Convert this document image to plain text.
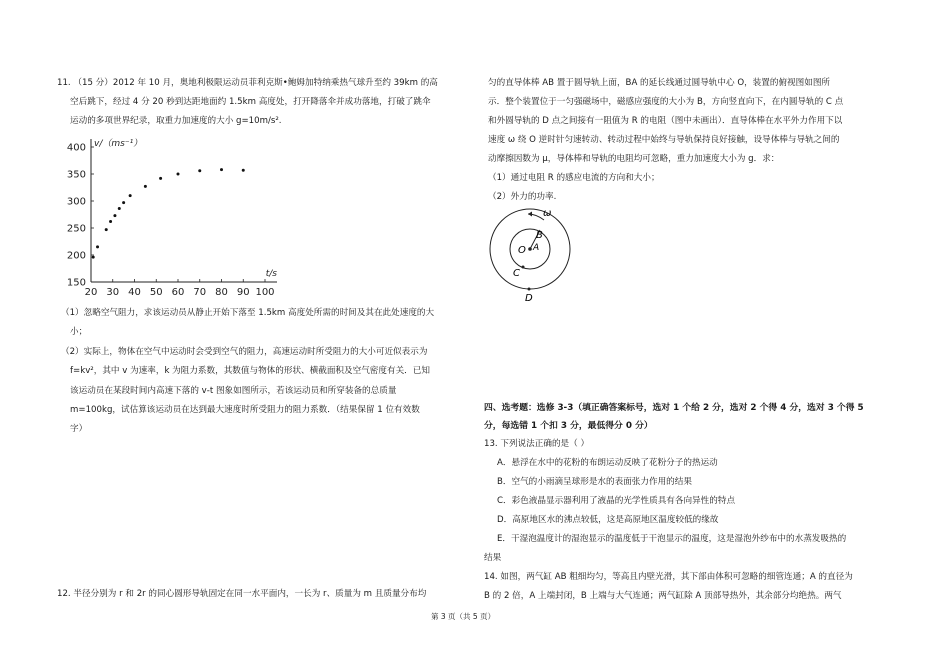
11. （15 分）2012 年 10 月，奥地利极限运动员菲利克斯•鲍姆加特纳乘热气球升至约 39km 的高
空后跳下，经过 4 分 20 秒到达距地面约 1.5km 高度处，打开降落伞并成功落地，打破了跳伞
运动的多项世界纪录，取重力加速度的大小 g=10m/s².
150
200
250
300
350
400
20 30 40 50 60 70 80 90 100
t/s
v/（ms⁻¹）
（1）忽略空气阻力，求该运动员从静止开始下落至 1.5km 高度处所需的时间及其在此处速度的大
小；
（2）实际上，物体在空气中运动时会受到空气的阻力，高速运动时所受阻力的大小可近似表示为
f=kv²，其中 v 为速率，k 为阻力系数，其数值与物体的形状、横截面积及空气密度有关．已知
该运动员在某段时间内高速下落的 v-t 图象如图所示，若该运动员和所穿装备的总质量
m=100kg，试估算该运动员在达到最大速度时所受阻力的阻力系数．（结果保留 1 位有效数
字）
12. 半径分别为 r 和 2r 的同心圆形导轨固定在同一水平面内，一长为 r、质量为 m 且质量分布均
匀的直导体棒 AB 置于圆导轨上面，BA 的延长线通过圆导轨中心 O，装置的俯视图如图所
示．整个装置位于一匀强磁场中，磁感应强度的大小为 B，方向竖直向下，在内圆导轨的 C 点
和外圆导轨的 D 点之间接有一阻值为 R 的电阻（图中未画出）．直导体棒在水平外力作用下以
速度 ω 绕 O 逆时针匀速转动、转动过程中始终与导轨保持良好接触，设导体棒与导轨之间的
动摩擦因数为 μ，导体棒和导轨的电阻均可忽略，重力加速度大小为 g．求：
（1）通过电阻 R 的感应电流的方向和大小；
（2）外力的功率.
ω
B
O A
C
D
四、选考题：选修 3-3（填正确答案标号，选对 1 个给 2 分，选对 2 个得 4 分，选对 3 个得 5
分，每选错 1 个扣 3 分，最低得分 0 分）
13. 下列说法正确的是（ ）
A．悬浮在水中的花粉的布朗运动反映了花粉分子的热运动
B．空气的小雨滴呈球形是水的表面张力作用的结果
C．彩色液晶显示器利用了液晶的光学性质具有各向异性的特点
D．高原地区水的沸点较低，这是高原地区温度较低的缘故
E．干湿泡温度计的湿泡显示的温度低于干泡显示的温度，这是湿泡外纱布中的水蒸发吸热的
结果
14. 如图，两气缸 AB 粗细均匀，等高且内壁光滑，其下部由体积可忽略的细管连通；A 的直径为
B 的 2 倍，A 上端封闭，B 上端与大气连通；两气缸除 A 顶部导热外，其余部分均绝热。两气
第 3 页（共 5 页）
